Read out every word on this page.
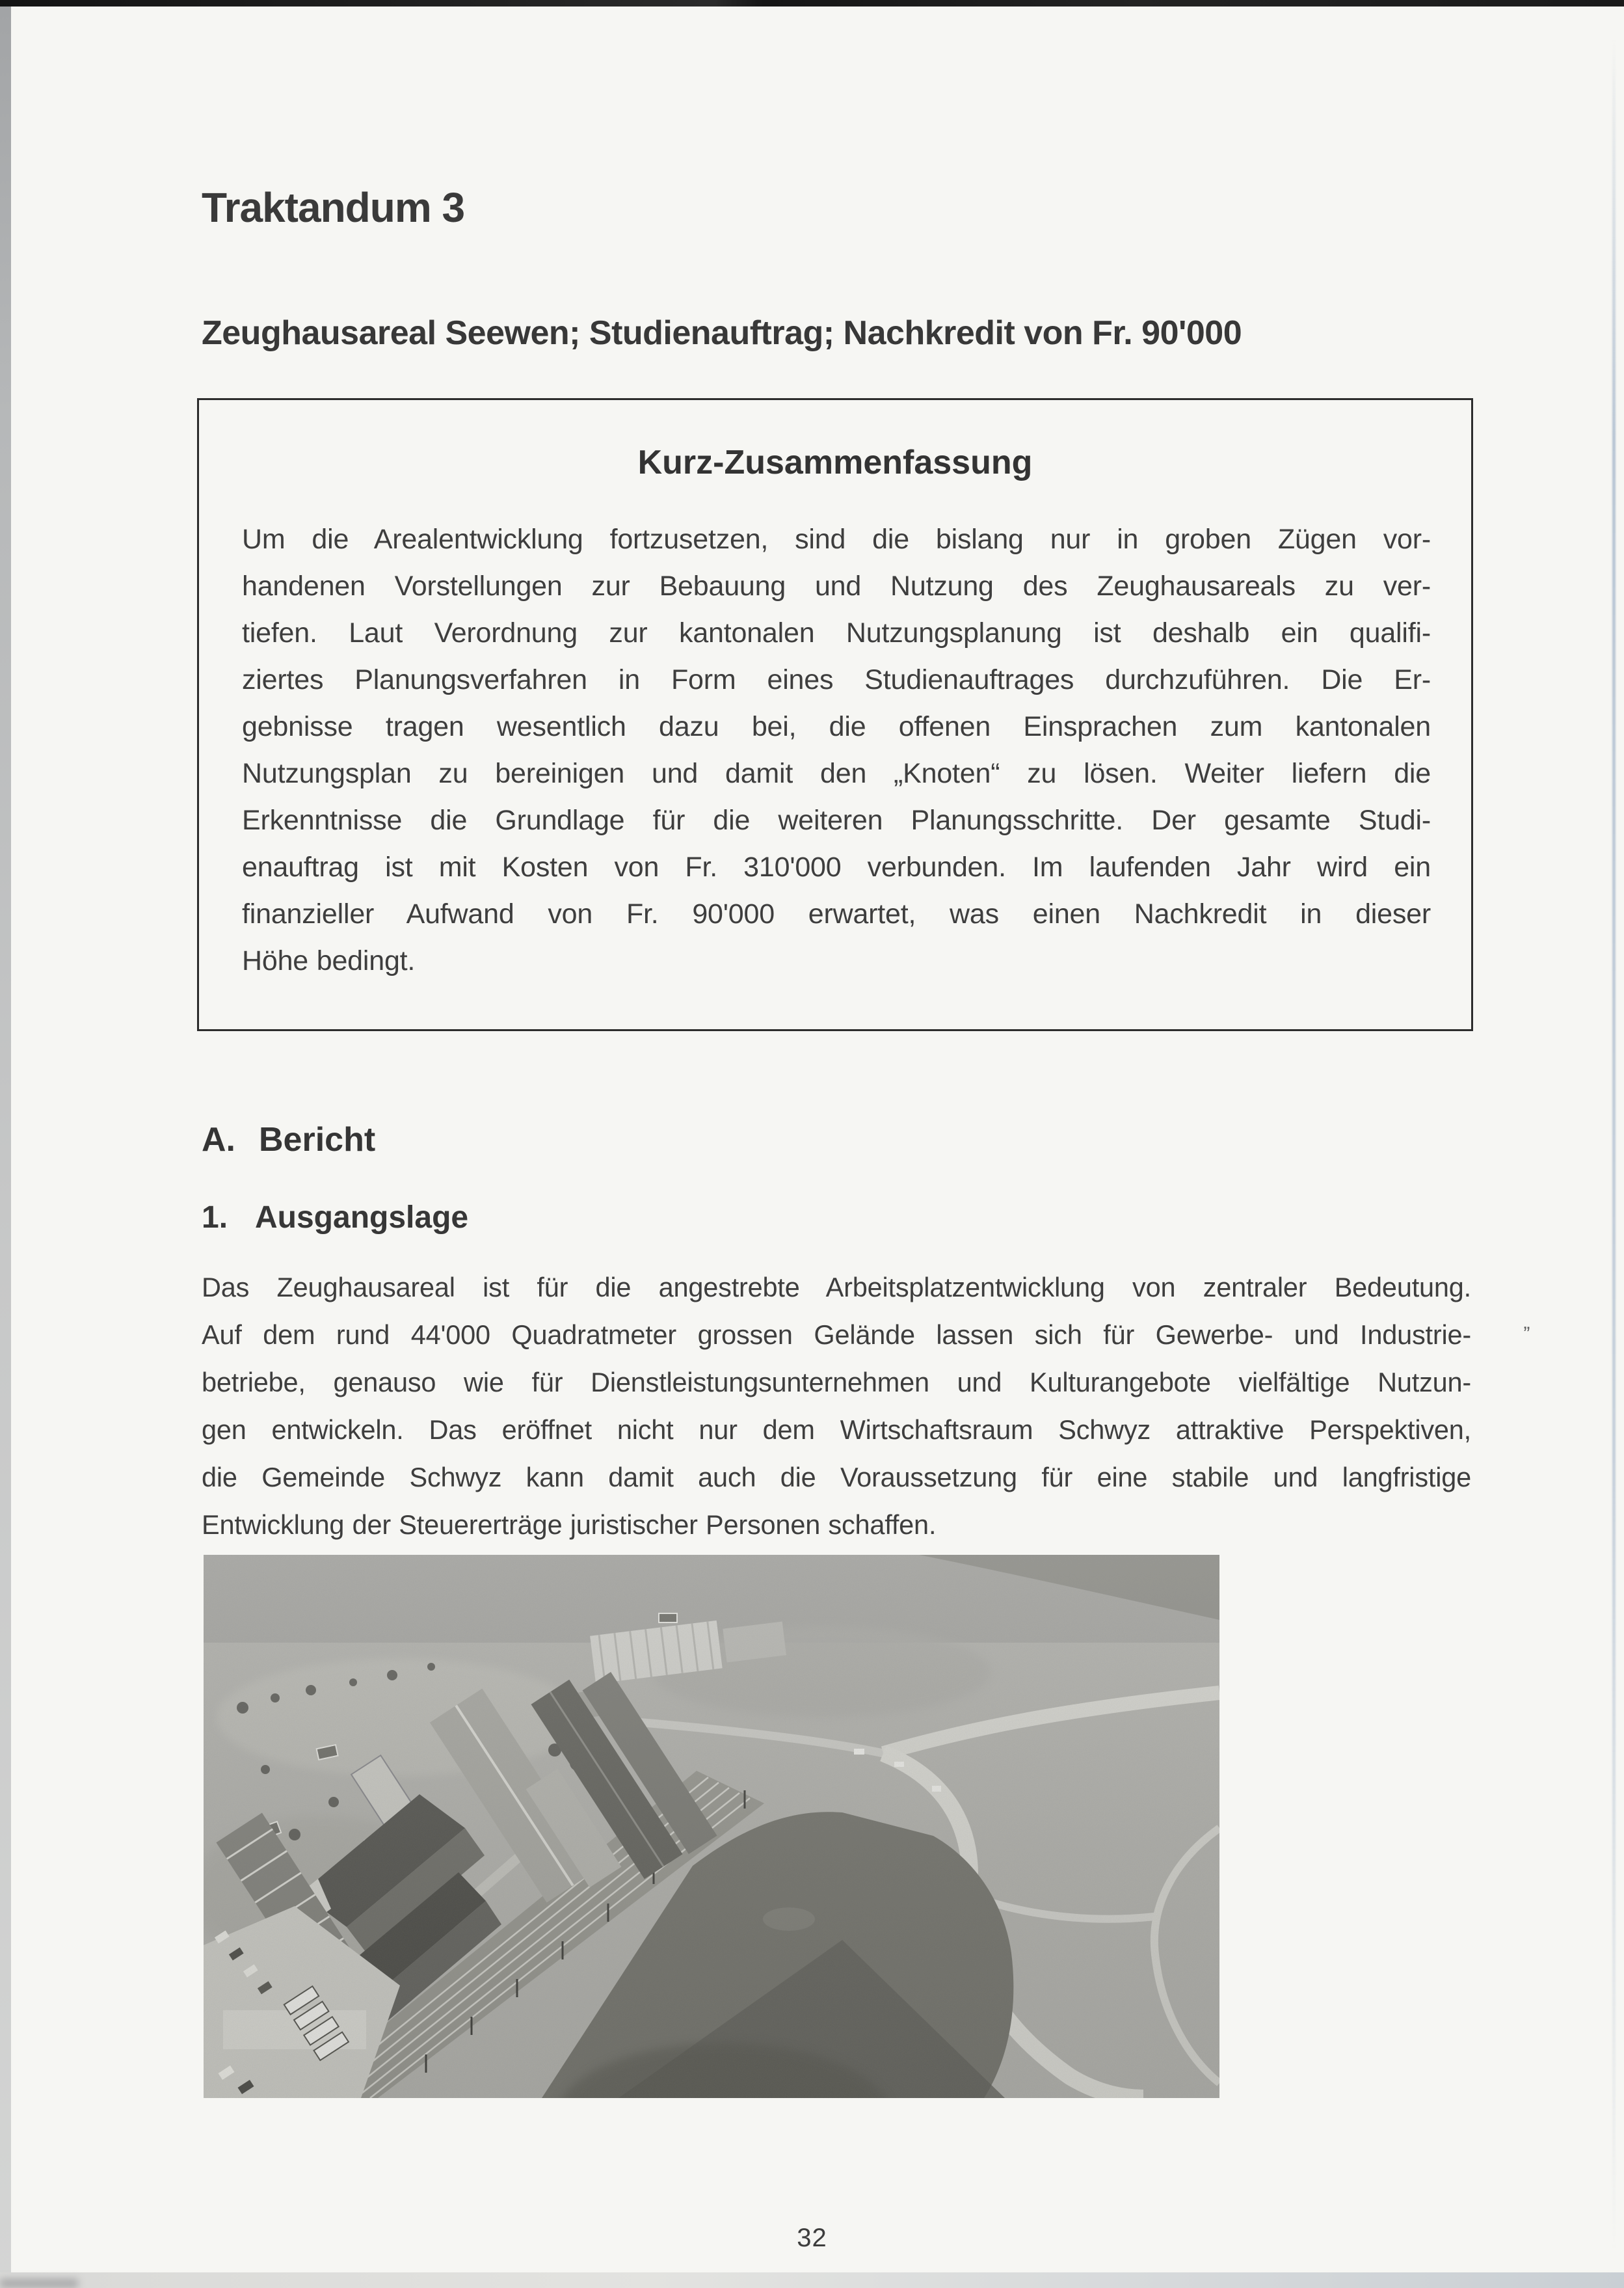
Traktandum 3
Zeughausareal Seewen; Studienauftrag; Nachkredit von Fr. 90'000
Kurz-Zusammenfassung
Um die Arealentwicklung fortzusetzen, sind die bislang nur in groben Zügen vor-
handenen Vorstellungen zur Bebauung und Nutzung des Zeughausareals zu ver-
tiefen. Laut Verordnung zur kantonalen Nutzungsplanung ist deshalb ein qualifi-
ziertes Planungsverfahren in Form eines Studienauftrages durchzuführen. Die Er-
gebnisse tragen wesentlich dazu bei, die offenen Einsprachen zum kantonalen
Nutzungsplan zu bereinigen und damit den „Knoten“ zu lösen. Weiter liefern die
Erkenntnisse die Grundlage für die weiteren Planungsschritte. Der gesamte Studi-
enauftrag ist mit Kosten von Fr. 310'000 verbunden. Im laufenden Jahr wird ein
finanzieller Aufwand von Fr. 90'000 erwartet, was einen Nachkredit in dieser
Höhe bedingt.
A. Bericht
1. Ausgangslage
Das Zeughausareal ist für die angestrebte Arbeitsplatzentwicklung von zentraler Bedeutung.
Auf dem rund 44'000 Quadratmeter grossen Gelände lassen sich für Gewerbe- und Industrie-
betriebe, genauso wie für Dienstleistungsunternehmen und Kulturangebote vielfältige Nutzun-
gen entwickeln. Das eröffnet nicht nur dem Wirtschaftsraum Schwyz attraktive Perspektiven,
die Gemeinde Schwyz kann damit auch die Voraussetzung für eine stabile und langfristige
Entwicklung der Steuererträge juristischer Personen schaffen.
”
32
